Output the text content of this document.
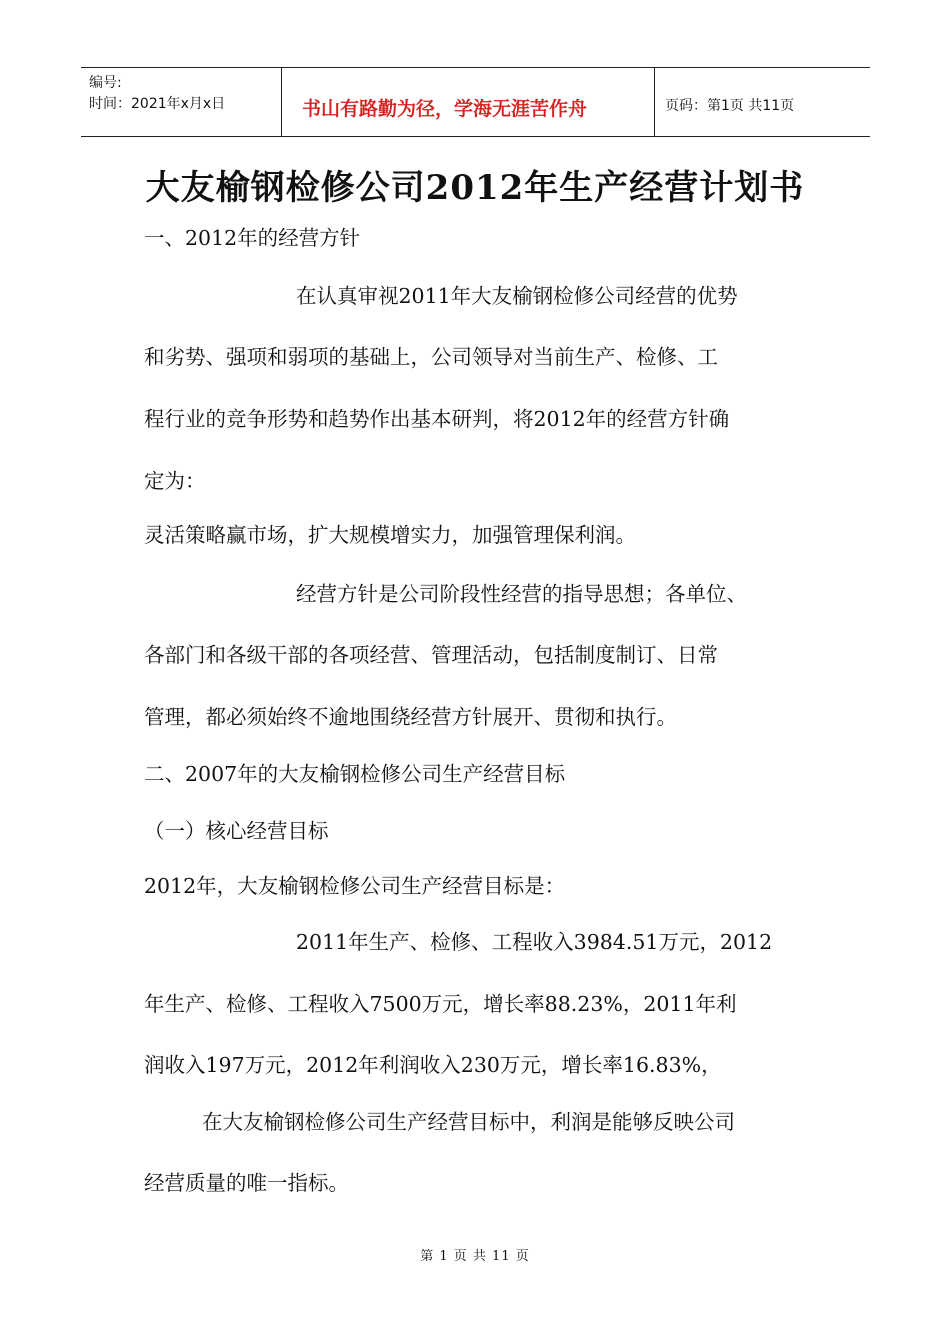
编号:
时间：2021年x月x日	书山有路勤为径，学海无涯苦作舟	页码：第1页 共11页
大友榆钢检修公司2012年生产经营计划书
一、2012年的经营方针
在认真审视2011年大友榆钢检修公司经营的优势
和劣势、强项和弱项的基础上，公司领导对当前生产、检修、工
程行业的竞争形势和趋势作出基本研判，将2012年的经营方针确
定为：
灵活策略赢市场，扩大规模增实力，加强管理保利润。
经营方针是公司阶段性经营的指导思想；各单位、
各部门和各级干部的各项经营、管理活动，包括制度制订、日常
管理，都必须始终不逾地围绕经营方针展开、贯彻和执行。
二、2007年的大友榆钢检修公司生产经营目标
（一）核心经营目标
2012年，大友榆钢检修公司生产经营目标是：
2011年生产、检修、工程收入3984.51万元，2012
年生产、检修、工程收入7500万元，增长率88.23%，2011年利
润收入197万元，2012年利润收入230万元，增长率16.83%，
在大友榆钢检修公司生产经营目标中，利润是能够反映公司
经营质量的唯一指标。
第 1 页 共 11 页
